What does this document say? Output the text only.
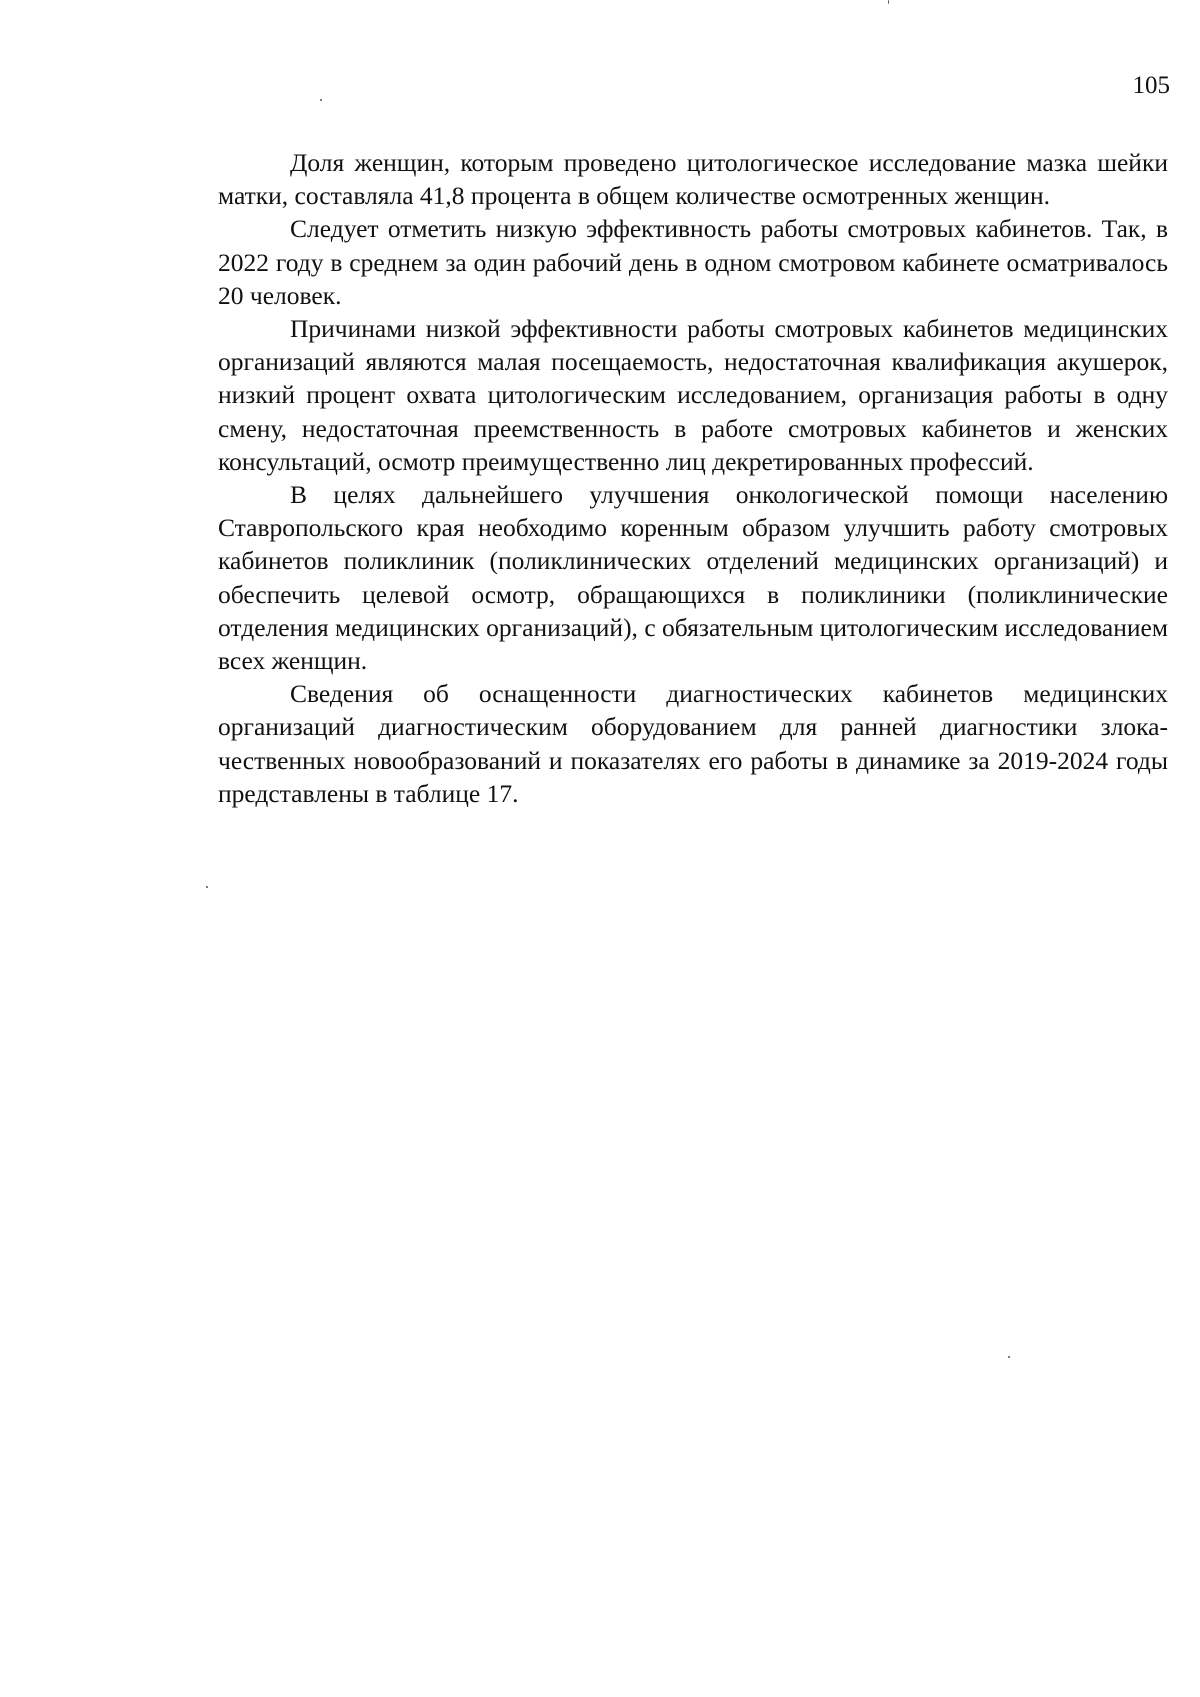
105

Доля женщин, которым проведено цитологическое исследование мазка шейки матки, составляла 41,8 процента в общем количестве осмотренных женщин.

Следует отметить низкую эффективность работы смотровых кабинетов. Так, в 2022 году в среднем за один рабочий день в одном смотровом кабинете осматривалось 20 человек.

Причинами низкой эффективности работы смотровых кабинетов медицинских организаций являются малая посещаемость, недостаточная квалификация акушерок, низкий процент охвата цитологическим исследованием, организация работы в одну смену, недостаточная преемственность в работе смотровых кабинетов и женских консультаций, осмотр преимущественно лиц декретированных профессий.

В целях дальнейшего улучшения онкологической помощи населению Ставропольского края необходимо коренным образом улучшить работу смотровых кабинетов поликлиник (поликлинических отделений медицинских организаций) и обеспечить целевой осмотр, обращающихся в поликлиники (поликлинические отделения медицинских организаций), с обязательным цитологическим исследованием всех женщин.

Сведения об оснащенности диагностических кабинетов медицинских организаций диагностическим оборудованием для ранней диагностики злокачественных новообразований и показателях его работы в динамике за 2019-2024 годы представлены в таблице 17.
